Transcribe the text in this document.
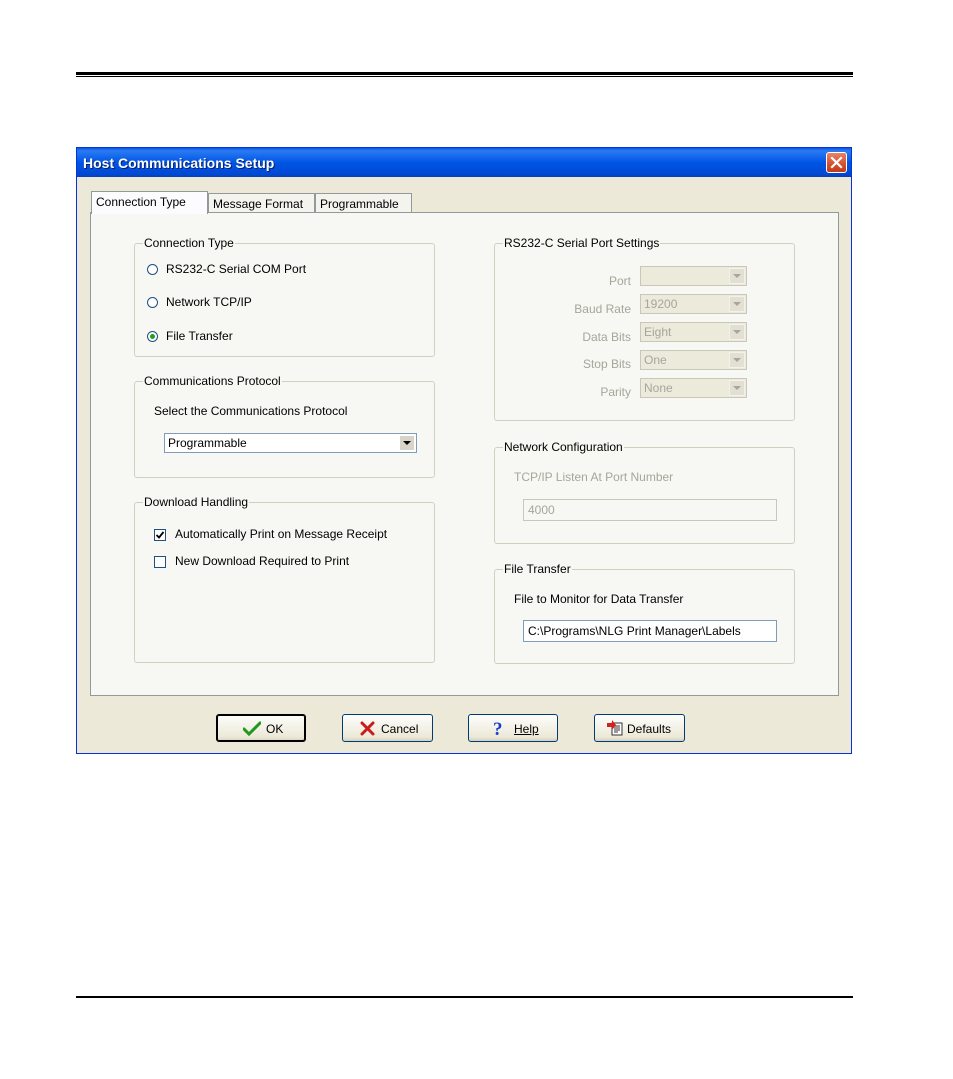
Host Communications Setup
Connection Type	Message Format	Programmable
Connection Type
RS232-C Serial COM Port
Network TCP/IP
File Transfer
Communications Protocol
Select the Communications Protocol
Programmable
Download Handling
Automatically Print on Message Receipt
New Download Required to Print
RS232-C Serial Port Settings
Port
Baud Rate 19200
Data Bits Eight
Stop Bits One
Parity None
Network Configuration
TCP/IP Listen At Port Number
4000
File Transfer
File to Monitor for Data Transfer
C:\Programs\NLG Print Manager\Labels
OK	Cancel	? Help	Defaults
